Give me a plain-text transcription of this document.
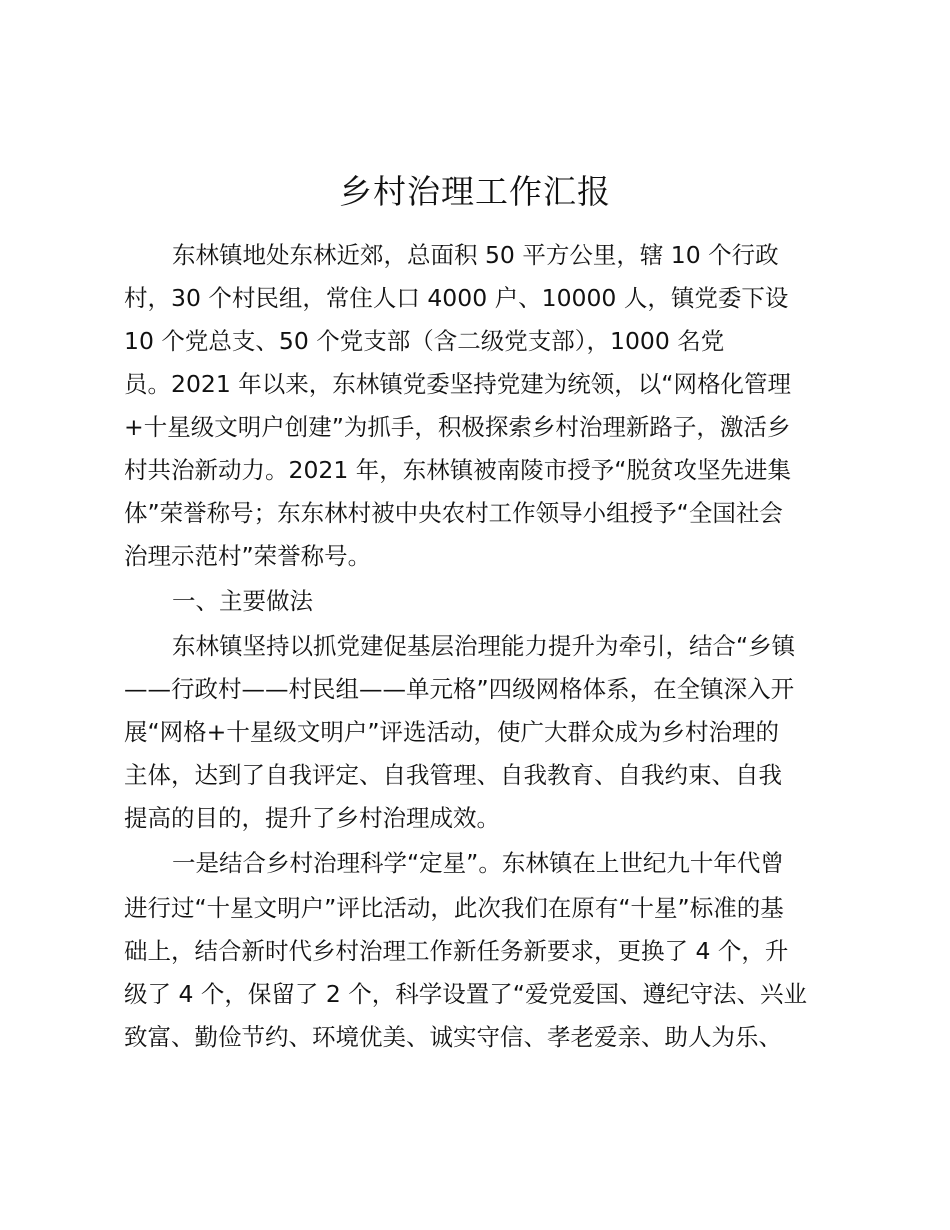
乡村治理工作汇报
东林镇地处东林近郊，总面积 50 平方公里，辖 10 个行政
村，30 个村民组，常住人口 4000 户、10000 人，镇党委下设
10 个党总支、50 个党支部（含二级党支部），1000 名党
员。2021 年以来，东林镇党委坚持党建为统领，以“网格化管理
+十星级文明户创建”为抓手，积极探索乡村治理新路子，激活乡
村共治新动力。2021 年，东林镇被南陵市授予“脱贫攻坚先进集
体”荣誉称号；东东林村被中央农村工作领导小组授予“全国社会
治理示范村”荣誉称号。
一、主要做法
东林镇坚持以抓党建促基层治理能力提升为牵引，结合“乡镇
——行政村——村民组——单元格”四级网格体系，在全镇深入开
展“网格+十星级文明户”评选活动，使广大群众成为乡村治理的
主体，达到了自我评定、自我管理、自我教育、自我约束、自我
提高的目的，提升了乡村治理成效。
一是结合乡村治理科学“定星”。东林镇在上世纪九十年代曾
进行过“十星文明户”评比活动，此次我们在原有“十星”标准的基
础上，结合新时代乡村治理工作新任务新要求，更换了 4 个，升
级了 4 个，保留了 2 个，科学设置了“爱党爱国、遵纪守法、兴业
致富、勤俭节约、环境优美、诚实守信、孝老爱亲、助人为乐、
